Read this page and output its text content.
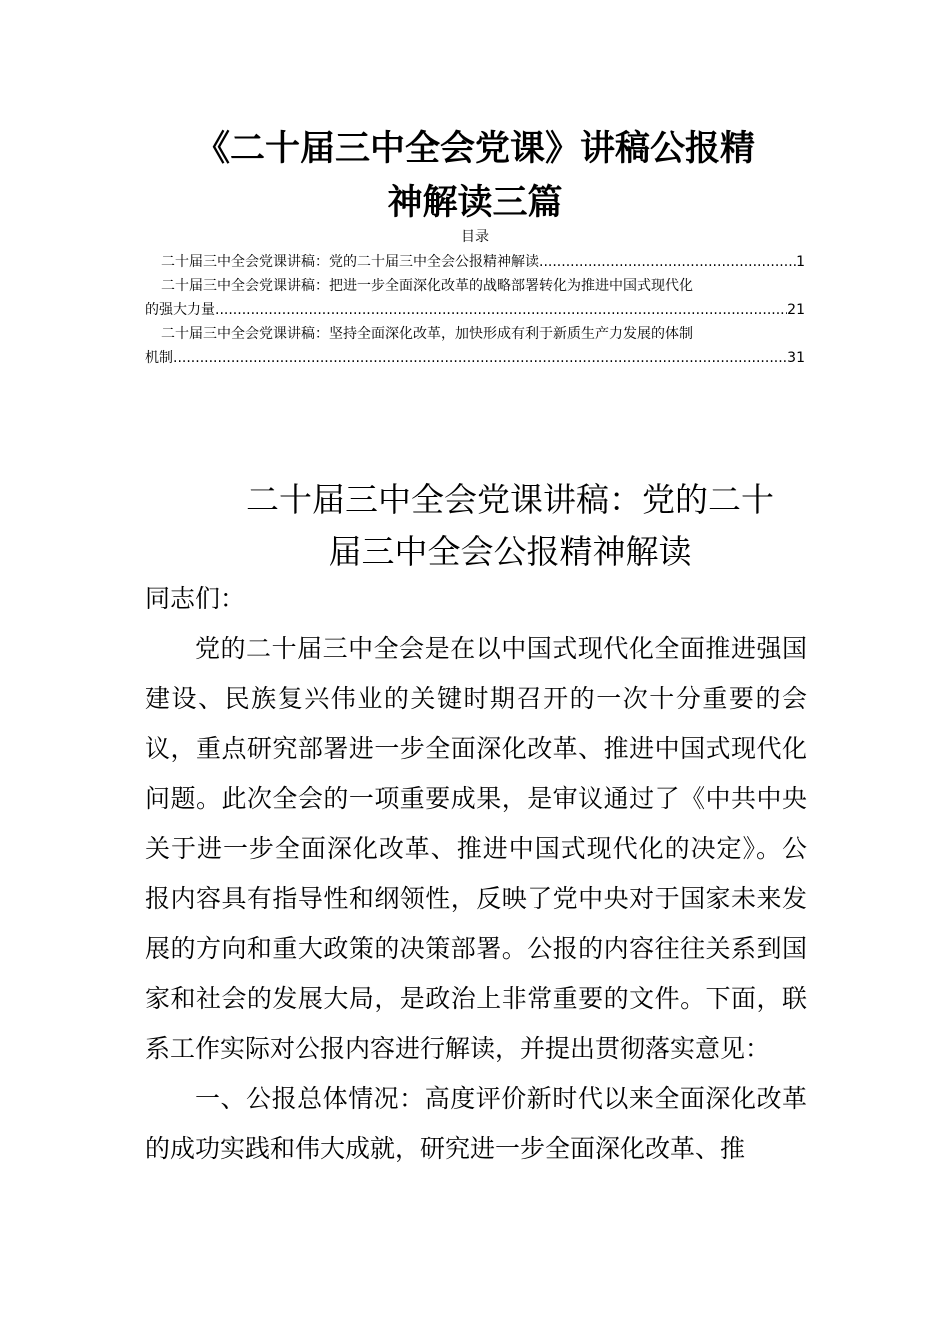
《二十届三中全会党课》讲稿公报精
神解读三篇
目录
二十届三中全会党课讲稿：党的二十届三中全会公报精神解读 .....	1
二十届三中全会党课讲稿：把进一步全面深化改革的战略部署转化为推进中国式现代化
的强大力量 .....	21
二十届三中全会党课讲稿：坚持全面深化改革，加快形成有利于新质生产力发展的体制
机制 .....	31
二十届三中全会党课讲稿：党的二十
届三中全会公报精神解读

同志们：

党的二十届三中全会是在以中国式现代化全面推进强国建设、民族复兴伟业的关键时期召开的一次十分重要的会议，重点研究部署进一步全面深化改革、推进中国式现代化问题。此次全会的一项重要成果，是审议通过了《中共中央关于进一步全面深化改革、推进中国式现代化的决定》。公报内容具有指导性和纲领性，反映了党中央对于国家未来发展的方向和重大政策的决策部署。公报的内容往往关系到国家和社会的发展大局，是政治上非常重要的文件。下面，联系工作实际对公报内容进行解读，并提出贯彻落实意见：

一、公报总体情况：高度评价新时代以来全面深化改革的成功实践和伟大成就，研究进一步全面深化改革、推
